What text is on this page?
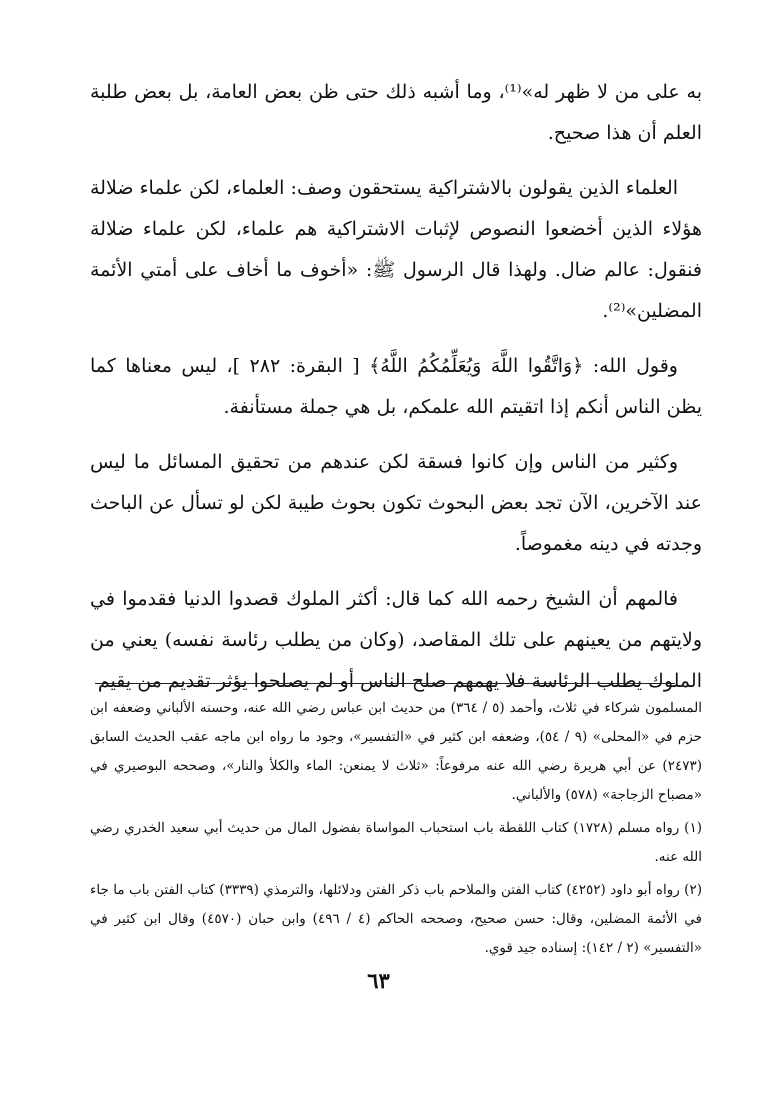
به على من لا ظهر له»⁽¹⁾، وما أشبه ذلك حتى ظن بعض العامة، بل بعض طلبة العلم أن هذا صحيح.

العلماء الذين يقولون بالاشتراكية يستحقون وصف: العلماء، لكن علماء ضلالة هؤلاء الذين أخضعوا النصوص لإثبات الاشتراكية هم علماء، لكن علماء ضلالة فنقول: عالم ضال. ولهذا قال الرسول ﷺ: «أخوف ما أخاف على أمتي الأئمة المضلين»⁽²⁾.

وقول الله: ﴿وَاتَّقُوا اللَّهَ وَيُعَلِّمُكُمُ اللَّهُ﴾ [ البقرة: ٢٨٢ ]، ليس معناها كما يظن الناس أنكم إذا اتقيتم الله علمكم، بل هي جملة مستأنفة.

وكثير من الناس وإن كانوا فسقة لكن عندهم من تحقيق المسائل ما ليس عند الآخرين، الآن تجد بعض البحوث تكون بحوث طيبة لكن لو تسأل عن الباحث وجدته في دينه مغموصاً.

فالمهم أن الشيخ رحمه الله كما قال: أكثر الملوك قصدوا الدنيا فقدموا في ولايتهم من يعينهم على تلك المقاصد، (وكان من يطلب رئاسة نفسه) يعني من الملوك يطلب الرئاسة فلا يهمهم صلح الناس أو لم يصلحوا يؤثر تقديم من يقيم

المسلمون شركاء في ثلاث، وأحمد (٥ / ٣٦٤) من حديث ابن عباس رضي الله عنه، وحسنه الألباني وضعفه ابن حزم في «المحلى» (٩ / ٥٤)، وضعفه ابن كثير في «التفسير»، وجود ما رواه ابن ماجه عقب الحديث السابق (٢٤٧٣) عن أبي هريرة رضي الله عنه مرفوعاً: «ثلاث لا يمنعن: الماء والكلأ والنار»، وصححه البوصيري في «مصباح الزجاجة» (٥٧٨) والألباني.

(١) رواه مسلم (١٧٢٨) كتاب اللقطة باب استحباب المواساة بفضول المال من حديث أبي سعيد الخدري رضي الله عنه.

(٢) رواه أبو داود (٤٢٥٢) كتاب الفتن والملاحم باب ذكر الفتن ودلائلها، والترمذي (٣٣٣٩) كتاب الفتن باب ما جاء في الأئمة المضلين، وقال: حسن صحيح، وصححه الحاكم (٤ / ٤٩٦) وابن حبان (٤٥٧٠) وقال ابن كثير في «التفسير» (٢ / ١٤٢): إسناده جيد قوي.

٦٣
